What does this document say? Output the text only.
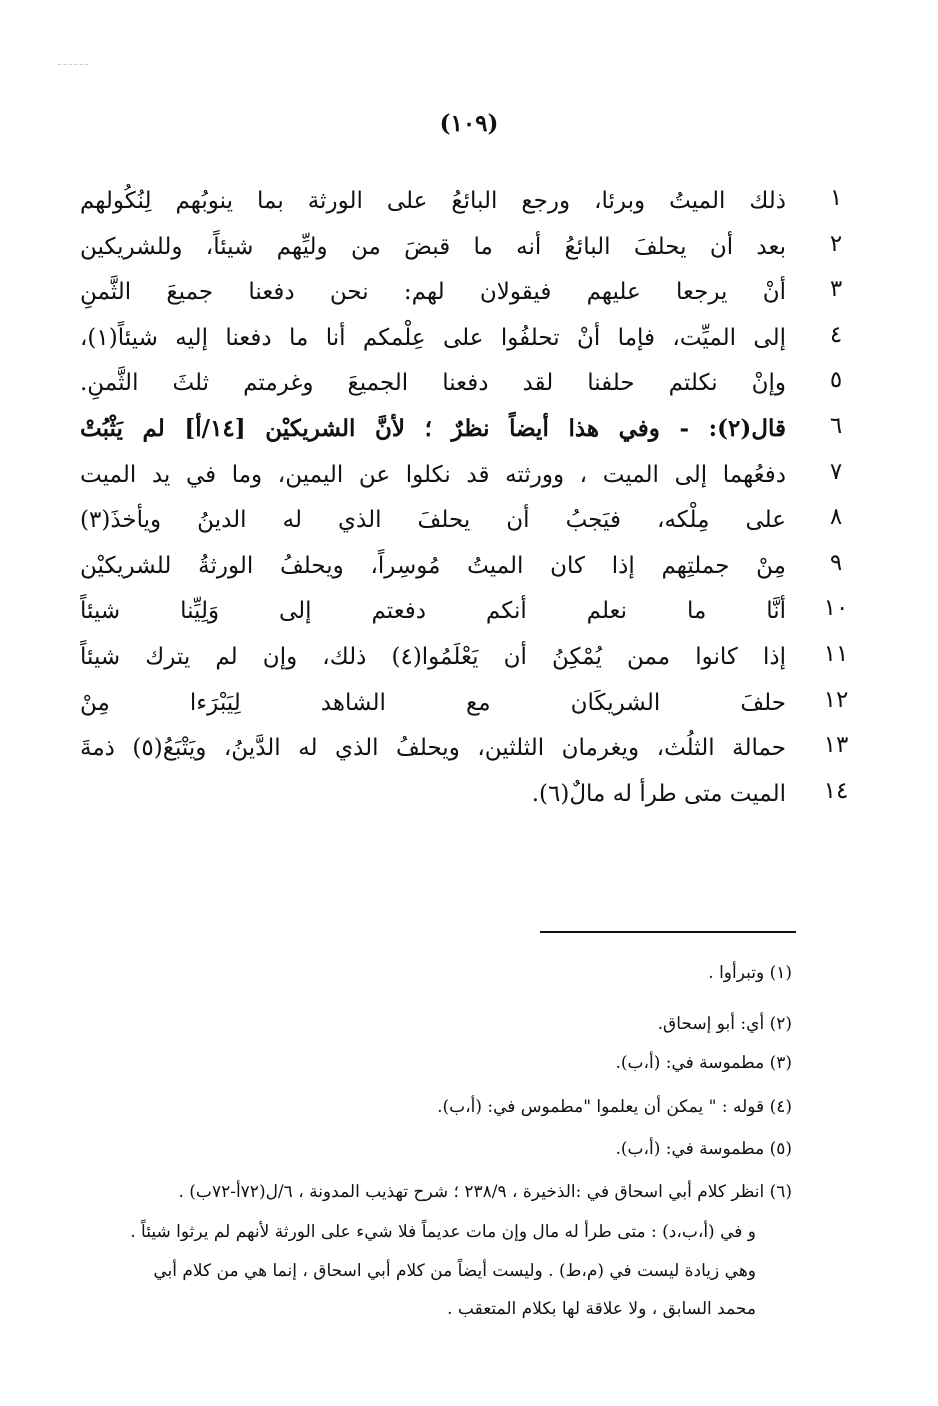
(١٠٩)
١
ذلك الميتُ وبرئا، ورجع البائعُ على الورثة بما ينوبُهم لِنُكُولهم
٢
بعد أن يحلفَ البائعُ أنه ما قبضَ من وليِّهم شيئاً، وللشريكين
٣
أنْ يرجعا عليهم فيقولان لهم: نحن دفعنا جميعَ الثَّمنِ
٤
إلى الميِّت، فإما أنْ تحلفُوا على عِلْمكم أنا ما دفعنا إليه شيئاً(١)،
٥
وإنْ نكلتم حلفنا لقد دفعنا الجميعَ وغرمتم ثلثَ الثَّمنِ.
٦
قال(٢): - وفي هذا أيضاً نظرٌ ؛ لأنَّ الشريكيْن [١٤/أ] لم يَثْبُتْ
٧
دفعُهما إلى الميت ، وورثته قد نكلوا عن اليمين، وما في يد الميت
٨
على مِلْكه، فيَجبُ أن يحلفَ الذي له الدينُ ويأخذَ(٣)
٩
مِنْ جملتِهم إذا كان الميتُ مُوسِراً، ويحلفُ الورثةُ للشريكيْن
١٠
أنَّا ما نعلم أنكم دفعتم إلى وَلِيِّنا شيئاً
١١
إذا كانوا ممن يُمْكِنُ أن يَعْلَمُوا(٤) ذلك، وإن لم يترك شيئاً
١٢
حلفَ الشريكَان مع الشاهد لِيَبْرَءا مِنْ
١٣
حمالة الثلُث، ويغرمان الثلثين، ويحلفُ الذي له الدَّينُ، ويَتْبَعُ(٥) ذمةَ
١٤
الميت متى طرأ له مالٌ(٦).
(١) وتبرأوا .
(٢) أي: أبو إسحاق.
(٣) مطموسة في: (أ،ب).
(٤) قوله : " يمكن أن يعلموا "مطموس في: (أ،ب).
(٥) مطموسة في: (أ،ب).
(٦) انظر كلام أبي اسحاق في :الذخيرة ، ٢٣٨/٩ ؛ شرح تهذيب المدونة ، ٦/ل(٧٢أ-٧٢ب) .
و في (أ،ب،د) : متى طرأ له مال وإن مات عديماً فلا شيء على الورثة لأنهم لم يرثوا شيئاً .
وهي زيادة ليست في (م،ط) . وليست أيضاً من كلام أبي اسحاق ، إنما هي من كلام أبي
محمد السابق ، ولا علاقة لها بكلام المتعقب .
